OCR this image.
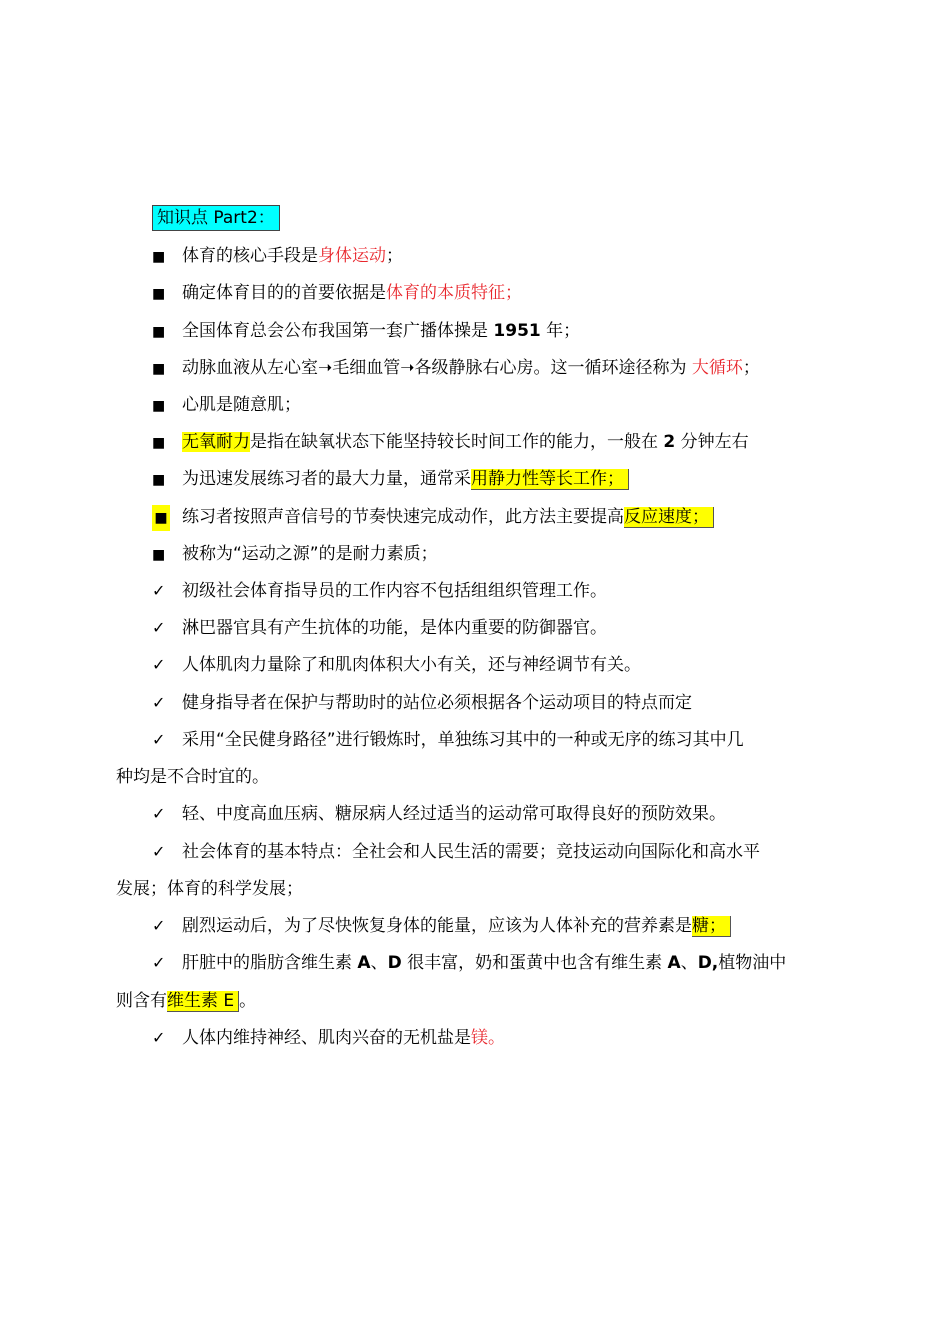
知识点 Part2：
■ 体育的核心手段是身体运动；
■ 确定体育目的的首要依据是体育的本质特征；
■ 全国体育总会公布我国第一套广播体操是 1951 年；
■ 动脉血液从左心室➝毛细血管➝各级静脉右心房。这一循环途径称为 大循环；
■ 心肌是随意肌；
■ 无氧耐力是指在缺氧状态下能坚持较长时间工作的能力，一般在 2 分钟左右
■ 为迅速发展练习者的最大力量，通常采用静力性等长工作；
■ 练习者按照声音信号的节奏快速完成动作，此方法主要提高反应速度；
■ 被称为“运动之源”的是耐力素质；
✓ 初级社会体育指导员的工作内容不包括组组织管理工作。
✓ 淋巴器官具有产生抗体的功能，是体内重要的防御器官。
✓ 人体肌肉力量除了和肌肉体积大小有关，还与神经调节有关。
✓ 健身指导者在保护与帮助时的站位必须根据各个运动项目的特点而定
✓ 采用“全民健身路径”进行锻炼时，单独练习其中的一种或无序的练习其中几
种均是不合时宜的。
✓ 轻、中度高血压病、糖尿病人经过适当的运动常可取得良好的预防效果。
✓ 社会体育的基本特点：全社会和人民生活的需要；竞技运动向国际化和高水平
发展；体育的科学发展；
✓ 剧烈运动后，为了尽快恢复身体的能量，应该为人体补充的营养素是糖；
✓ 肝脏中的脂肪含维生素 A、D 很丰富，奶和蛋黄中也含有维生素 A、D,植物油中
则含有维生素 E 。
✓ 人体内维持神经、肌肉兴奋的无机盐是镁。
